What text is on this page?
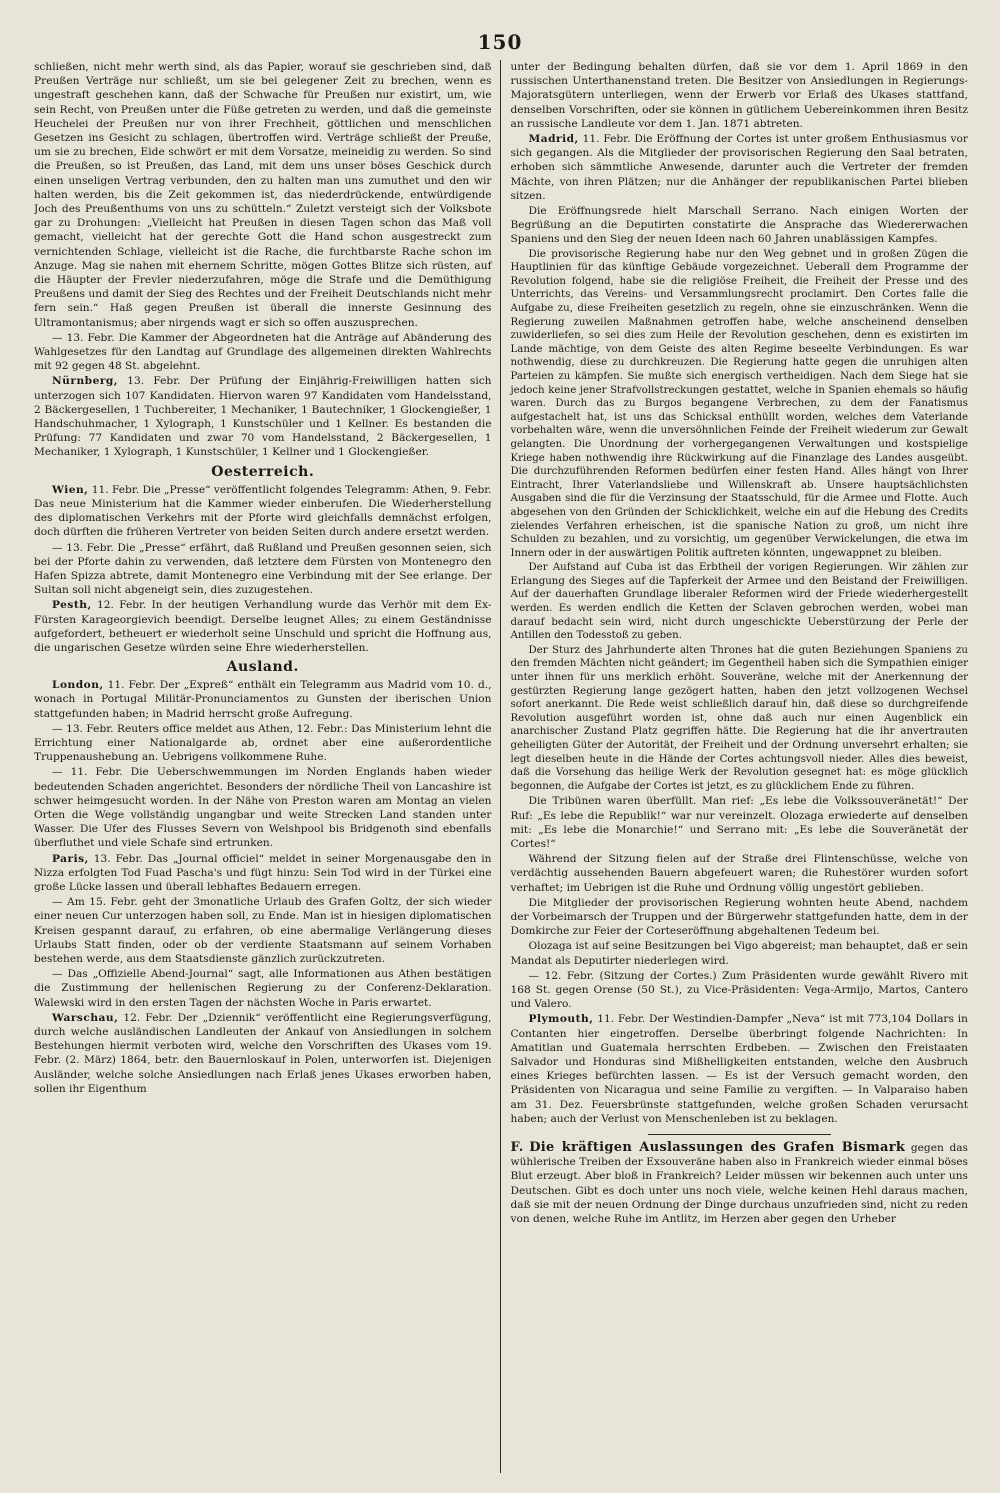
150

schließen, nicht mehr werth sind, als das Papier, worauf sie geschrieben sind, daß Preußen Verträge nur schließt, um sie bei gelegener Zeit zu brechen, wenn es ungestraft geschehen kann, daß der Schwache für Preußen nur existirt, um, wie sein Recht, von Preußen unter die Füße getreten zu werden, und daß die gemeinste Heuchelei der Preußen nur von ihrer Frechheit, göttlichen und menschlichen Gesetzen ins Gesicht zu schlagen, übertroffen wird. Verträge schließt der Preuße, um sie zu brechen, Eide schwört er mit dem Vorsatze, meineidig zu werden. So sind die Preußen, so ist Preußen, das Land, mit dem uns unser böses Geschick durch einen unseligen Vertrag verbunden, den zu halten man uns zumuthet und den wir halten werden, bis die Zeit gekommen ist, das niederdrückende, entwürdigende Joch des Preußenthums von uns zu schütteln.“ Zuletzt versteigt sich der Volksbote gar zu Drohungen: „Vielleicht hat Preußen in diesen Tagen schon das Maß voll gemacht, vielleicht hat der gerechte Gott die Hand schon ausgestreckt zum vernichtenden Schlage, vielleicht ist die Rache, die furchtbarste Rache schon im Anzuge. Mag sie nahen mit ehernem Schritte, mögen Gottes Blitze sich rüsten, auf die Häupter der Frevler niederzufahren, möge die Strafe und die Demüthigung Preußens und damit der Sieg des Rechtes und der Freiheit Deutschlands nicht mehr fern sein.“ Haß gegen Preußen ist überall die innerste Gesinnung des Ultramontanismus; aber nirgends wagt er sich so offen auszusprechen.

— 13. Febr. Die Kammer der Abgeordneten hat die Anträge auf Abänderung des Wahlgesetzes für den Landtag auf Grundlage des allgemeinen direkten Wahlrechts mit 92 gegen 48 St. abgelehnt.

Nürnberg, 13. Febr. Der Prüfung der Einjährig-Freiwilligen hatten sich unterzogen sich 107 Kandidaten. Hiervon waren 97 Kandidaten vom Handelsstand, 2 Bäckergesellen, 1 Tuchbereiter, 1 Mechaniker, 1 Bautechniker, 1 Glockengießer, 1 Handschuhmacher, 1 Xylograph, 1 Kunstschüler und 1 Kellner. Es bestanden die Prüfung: 77 Kandidaten und zwar 70 vom Handelsstand, 2 Bäckergesellen, 1 Mechaniker, 1 Xylograph, 1 Kunstschüler, 1 Kellner und 1 Glockengießer.

Oesterreich.

Wien, 11. Febr. Die „Presse“ veröffentlicht folgendes Telegramm: Athen, 9. Febr. Das neue Ministerium hat die Kammer wieder einberufen. Die Wiederherstellung des diplomatischen Verkehrs mit der Pforte wird gleichfalls demnächst erfolgen, doch dürften die früheren Vertreter von beiden Seiten durch andere ersetzt werden.

— 13. Febr. Die „Presse“ erfährt, daß Rußland und Preußen gesonnen seien, sich bei der Pforte dahin zu verwenden, daß letztere dem Fürsten von Montenegro den Hafen Spizza abtrete, damit Montenegro eine Verbindung mit der See erlange. Der Sultan soll nicht abgeneigt sein, dies zuzugestehen.

Pesth, 12. Febr. In der heutigen Verhandlung wurde das Verhör mit dem Ex-Fürsten Karageorgievich beendigt. Derselbe leugnet Alles; zu einem Geständnisse aufgefordert, betheuert er wiederholt seine Unschuld und spricht die Hoffnung aus, die ungarischen Gesetze würden seine Ehre wiederherstellen.

Ausland.

London, 11. Febr. Der „Expreß“ enthält ein Telegramm aus Madrid vom 10. d., wonach in Portugal Militär-Pronunciamentos zu Gunsten der iberischen Union stattgefunden haben; in Madrid herrscht große Aufregung.

— 13. Febr. Reuters office meldet aus Athen, 12. Febr.: Das Ministerium lehnt die Errichtung einer Nationalgarde ab, ordnet aber eine außerordentliche Truppenaushebung an. Uebrigens vollkommene Ruhe.

— 11. Febr. Die Ueberschwemmungen im Norden Englands haben wieder bedeutenden Schaden angerichtet. Besonders der nördliche Theil von Lancashire ist schwer heimgesucht worden. In der Nähe von Preston waren am Montag an vielen Orten die Wege vollständig ungangbar und weite Strecken Land standen unter Wasser. Die Ufer des Flusses Severn von Welshpool bis Bridgenoth sind ebenfalls überfluthet und viele Schafe sind ertrunken.

Paris, 13. Febr. Das „Journal officiel“ meldet in seiner Morgenausgabe den in Nizza erfolgten Tod Fuad Pascha's und fügt hinzu: Sein Tod wird in der Türkei eine große Lücke lassen und überall lebhaftes Bedauern erregen.

— Am 15. Febr. geht der 3monatliche Urlaub des Grafen Goltz, der sich wieder einer neuen Cur unterzogen haben soll, zu Ende. Man ist in hiesigen diplomatischen Kreisen gespannt darauf, zu erfahren, ob eine abermalige Verlängerung dieses Urlaubs Statt finden, oder ob der verdiente Staatsmann auf seinem Vorhaben bestehen werde, aus dem Staatsdienste gänzlich zurückzutreten.

— Das „Offizielle Abend-Journal“ sagt, alle Informationen aus Athen bestätigen die Zustimmung der hellenischen Regierung zu der Conferenz-Deklaration. Walewski wird in den ersten Tagen der nächsten Woche in Paris erwartet.

Warschau, 12. Febr. Der „Dziennik“ veröffentlicht eine Regierungsverfügung, durch welche ausländischen Landleuten der Ankauf von Ansiedlungen in solchem Bestehungen hiermit verboten wird, welche den Vorschriften des Ukases vom 19. Febr. (2. März) 1864, betr. den Bauernloskauf in Polen, unterworfen ist. Diejenigen Ausländer, welche solche Ansiedlungen nach Erlaß jenes Ukases erworben haben, sollen ihr Eigenthum

unter der Bedingung behalten dürfen, daß sie vor dem 1. April 1869 in den russischen Unterthanenstand treten. Die Besitzer von Ansiedlungen in Regierungs-Majoratsgütern unterliegen, wenn der Erwerb vor Erlaß des Ukases stattfand, denselben Vorschriften, oder sie können in gütlichem Uebereinkommen ihren Besitz an russische Landleute vor dem 1. Jan. 1871 abtreten.

Madrid, 11. Febr. Die Eröffnung der Cortes ist unter großem Enthusiasmus vor sich gegangen. Als die Mitglieder der provisorischen Regierung den Saal betraten, erhoben sich sämmtliche Anwesende, darunter auch die Vertreter der fremden Mächte, von ihren Plätzen; nur die Anhänger der republikanischen Partei blieben sitzen.

Die Eröffnungsrede hielt Marschall Serrano. Nach einigen Worten der Begrüßung an die Deputirten constatirte die Ansprache das Wiedererwachen Spaniens und den Sieg der neuen Ideen nach 60 Jahren unablässigen Kampfes.

Die provisorische Regierung habe nur den Weg gebnet und in großen Zügen die Hauptlinien für das künftige Gebäude vorgezeichnet. Ueberall dem Programme der Revolution folgend, habe sie die religiöse Freiheit, die Freiheit der Presse und des Unterrichts, das Vereins- und Versammlungsrecht proclamirt. Den Cortes falle die Aufgabe zu, diese Freiheiten gesetzlich zu regeln, ohne sie einzuschränken. Wenn die Regierung zuweilen Maßnahmen getroffen habe, welche anscheinend denselben zuwiderliefen, so sei dies zum Heile der Revolution geschehen, denn es existirten im Lande mächtige, von dem Geiste des alten Regime beseelte Verbindungen. Es war nothwendig, diese zu durchkreuzen. Die Regierung hatte gegen die unruhigen alten Parteien zu kämpfen. Sie mußte sich energisch vertheidigen. Nach dem Siege hat sie jedoch keine jener Strafvollstreckungen gestattet, welche in Spanien ehemals so häufig waren. Durch das zu Burgos begangene Verbrechen, zu dem der Fanatismus aufgestachelt hat, ist uns das Schicksal enthüllt worden, welches dem Vaterlande vorbehalten wäre, wenn die unversöhnlichen Feinde der Freiheit wiederum zur Gewalt gelangten. Die Unordnung der vorhergegangenen Verwaltungen und kostspielige Kriege haben nothwendig ihre Rückwirkung auf die Finanzlage des Landes ausgeübt. Die durchzuführenden Reformen bedürfen einer festen Hand. Alles hängt von Ihrer Eintracht, Ihrer Vaterlandsliebe und Willenskraft ab. Unsere hauptsächlichsten Ausgaben sind die für die Verzinsung der Staatsschuld, für die Armee und Flotte. Auch abgesehen von den Gründen der Schicklichkeit, welche ein auf die Hebung des Credits zielendes Verfahren erheischen, ist die spanische Nation zu groß, um nicht ihre Schulden zu bezahlen, und zu vorsichtig, um gegenüber Verwickelungen, die etwa im Innern oder in der auswärtigen Politik auftreten könnten, ungewappnet zu bleiben.

Der Aufstand auf Cuba ist das Erbtheil der vorigen Regierungen. Wir zählen zur Erlangung des Sieges auf die Tapferkeit der Armee und den Beistand der Freiwilligen. Auf der dauerhaften Grundlage liberaler Reformen wird der Friede wiederhergestellt werden. Es werden endlich die Ketten der Sclaven gebrochen werden, wobei man darauf bedacht sein wird, nicht durch ungeschickte Ueberstürzung der Perle der Antillen den Todesstoß zu geben.

Der Sturz des Jahrhunderte alten Thrones hat die guten Beziehungen Spaniens zu den fremden Mächten nicht geändert; im Gegentheil haben sich die Sympathien einiger unter ihnen für uns merklich erhöht. Souveräne, welche mit der Anerkennung der gestürzten Regierung lange gezögert hatten, haben den jetzt vollzogenen Wechsel sofort anerkannt. Die Rede weist schließlich darauf hin, daß diese so durchgreifende Revolution ausgeführt worden ist, ohne daß auch nur einen Augenblick ein anarchischer Zustand Platz gegriffen hätte. Die Regierung hat die ihr anvertrauten geheiligten Güter der Autorität, der Freiheit und der Ordnung unversehrt erhalten; sie legt dieselben heute in die Hände der Cortes achtungsvoll nieder. Alles dies beweist, daß die Vorsehung das heilige Werk der Revolution gesegnet hat: es möge glücklich begonnen, die Aufgabe der Cortes ist jetzt, es zu glücklichem Ende zu führen.

Die Tribünen waren überfüllt. Man rief: „Es lebe die Volkssouveränetät!“ Der Ruf: „Es lebe die Republik!“ war nur vereinzelt. Olozaga erwiederte auf denselben mit: „Es lebe die Monarchie!“ und Serrano mit: „Es lebe die Souveränetät der Cortes!“

Während der Sitzung fielen auf der Straße drei Flintenschüsse, welche von verdächtig aussehenden Bauern abgefeuert waren; die Ruhestörer wurden sofort verhaftet; im Uebrigen ist die Ruhe und Ordnung völlig ungestört geblieben.

Die Mitglieder der provisorischen Regierung wohnten heute Abend, nachdem der Vorbeimarsch der Truppen und der Bürgerwehr stattgefunden hatte, dem in der Domkirche zur Feier der Corteseröffnung abgehaltenen Tedeum bei.

Olozaga ist auf seine Besitzungen bei Vigo abgereist; man behauptet, daß er sein Mandat als Deputirter niederlegen wird.

— 12. Febr. (Sitzung der Cortes.) Zum Präsidenten wurde gewählt Rivero mit 168 St. gegen Orense (50 St.), zu Vice-Präsidenten: Vega-Armijo, Martos, Cantero und Valero.

Plymouth, 11. Febr. Der Westindien-Dampfer „Neva“ ist mit 773,104 Dollars in Contanten hier eingetroffen. Derselbe überbringt folgende Nachrichten: In Amatitlan und Guatemala herrschten Erdbeben. — Zwischen den Freistaaten Salvador und Honduras sind Mißhelligkeiten entstanden, welche den Ausbruch eines Krieges befürchten lassen. — Es ist der Versuch gemacht worden, den Präsidenten von Nicaragua und seine Familie zu vergiften. — In Valparaiso haben am 31. Dez. Feuersbrünste stattgefunden, welche großen Schaden verursacht haben; auch der Verlust von Menschenleben ist zu beklagen.

F. Die kräftigen Auslassungen des Grafen Bismark gegen das wühlerische Treiben der Exsouveräne haben also in Frankreich wieder einmal böses Blut erzeugt. Aber bloß in Frankreich? Leider müssen wir bekennen auch unter uns Deutschen. Gibt es doch unter uns noch viele, welche keinen Hehl daraus machen, daß sie mit der neuen Ordnung der Dinge durchaus unzufrieden sind, nicht zu reden von denen, welche Ruhe im Antlitz, im Herzen aber gegen den Urheber
